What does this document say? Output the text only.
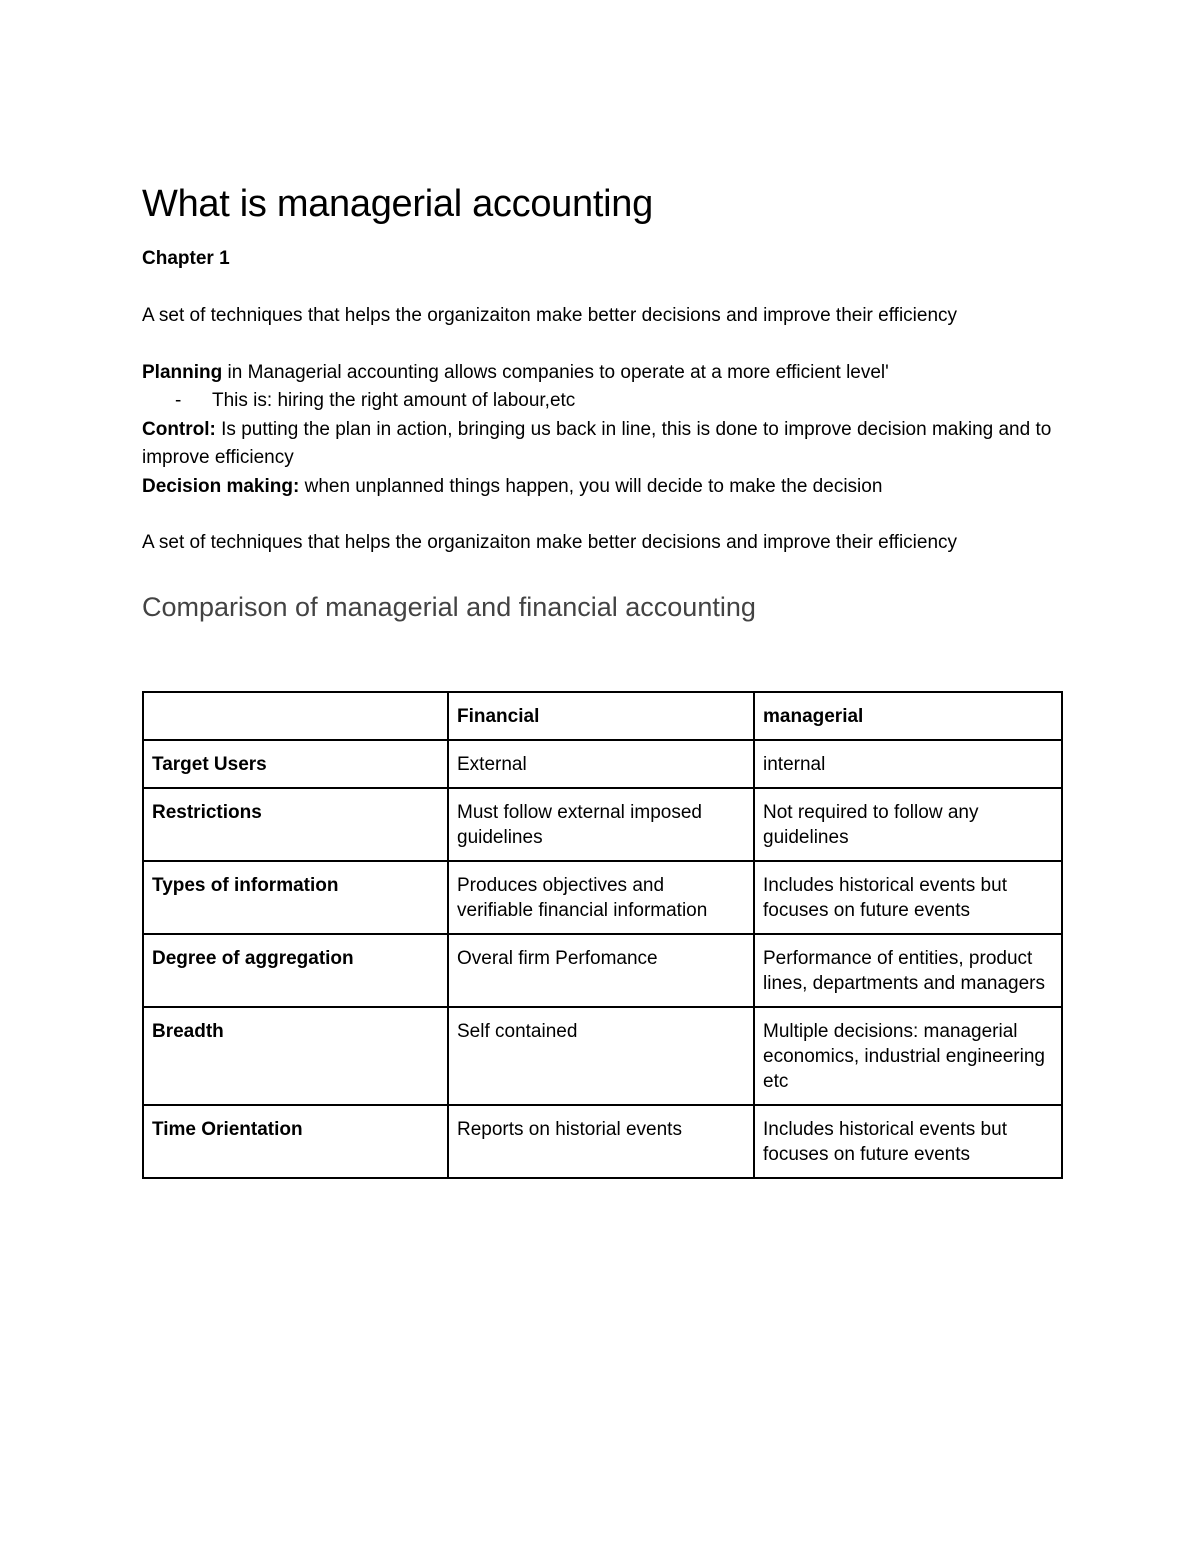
What is managerial accounting
Chapter 1

A set of techniques that helps the organizaiton make better decisions and improve their efficiency

Planning in Managerial accounting allows companies to operate at a more efficient level'

- This is: hiring the right amount of labour,etc

Control: Is putting the plan in action, bringing us back in line, this is done to improve decision making and to improve efficiency

Decision making: when unplanned things happen, you will decide to make the decision

A set of techniques that helps the organizaiton make better decisions and improve their efficiency

Comparison of managerial and financial accounting
	Financial	managerial
Target Users	External	internal
Restrictions	Must follow external imposed guidelines	Not required to follow any guidelines
Types of information	Produces objectives and verifiable financial information	Includes historical events but focuses on future events
Degree of aggregation	Overal firm Perfomance	Performance of entities, product lines, departments and managers
Breadth	Self contained	Multiple decisions: managerial economics, industrial engineering etc
Time Orientation	Reports on historial events	Includes historical events but focuses on future events
